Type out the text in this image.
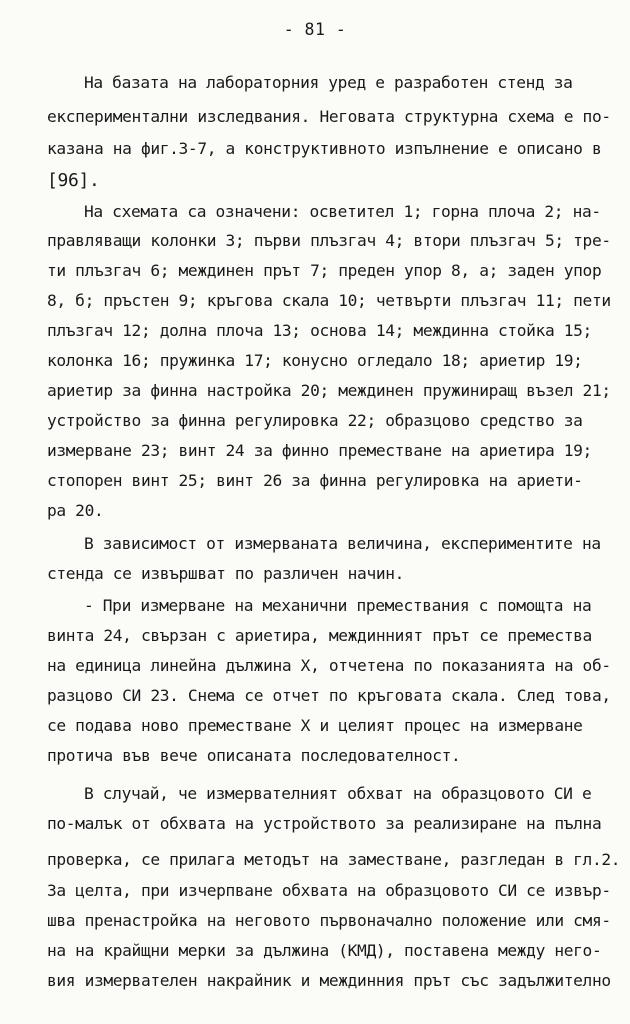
- 81 -
На базата на лабораторния уред е разработен стенд за
експериментални изследвания. Неговата структурна схема е по-
казана на фиг.3-7, а конструктивното изпълнение е описано в
[96].
На схемата са означени: осветител 1; горна плоча 2; на-
правляващи колонки 3; първи плъзгач 4; втори плъзгач 5; тре-
ти плъзгач 6; междинен прът 7; преден упор 8, а; заден упор
8, б; пръстен 9; кръгова скала 10; четвърти плъзгач 11; пети
плъзгач 12; долна плоча 13; основа 14; междинна стойка 15;
колонка 16; пружинка 17; конусно огледало 18; ариетир 19;
ариетир за финна настройка 20; междинен пружиниращ възел 21;
устройство за финна регулировка 22; образцово средство за
измерване 23; винт 24 за финно преместване на ариетира 19;
стопорен винт 25; винт 26 за финна регулировка на ариети-
ра 20.
В зависимост от измерваната величина, експериментите на
стенда се извършват по различен начин.
- При измерване на механични премествания с помощта на
винта 24, свързан с ариетира, междинният прът се премества
на единица линейна дължина X, отчетена по показанията на об-
разцово СИ 23. Снема се отчет по кръговата скала. След това,
се подава ново преместване X и целият процес на измерване
протича във вече описаната последователност.
В случай, че измервателният обхват на образцовото СИ е
по-малък от обхвата на устройството за реализиране на пълна
проверка, се прилага методът на заместване, разгледан в гл.2.
За целта, при изчерпване обхвата на образцовото СИ се извър-
шва пренастройка на неговото първоначално положение или смя-
на на крайщни мерки за дължина (КМД), поставена между него-
вия измервателен накрайник и междинния прът със задължително
